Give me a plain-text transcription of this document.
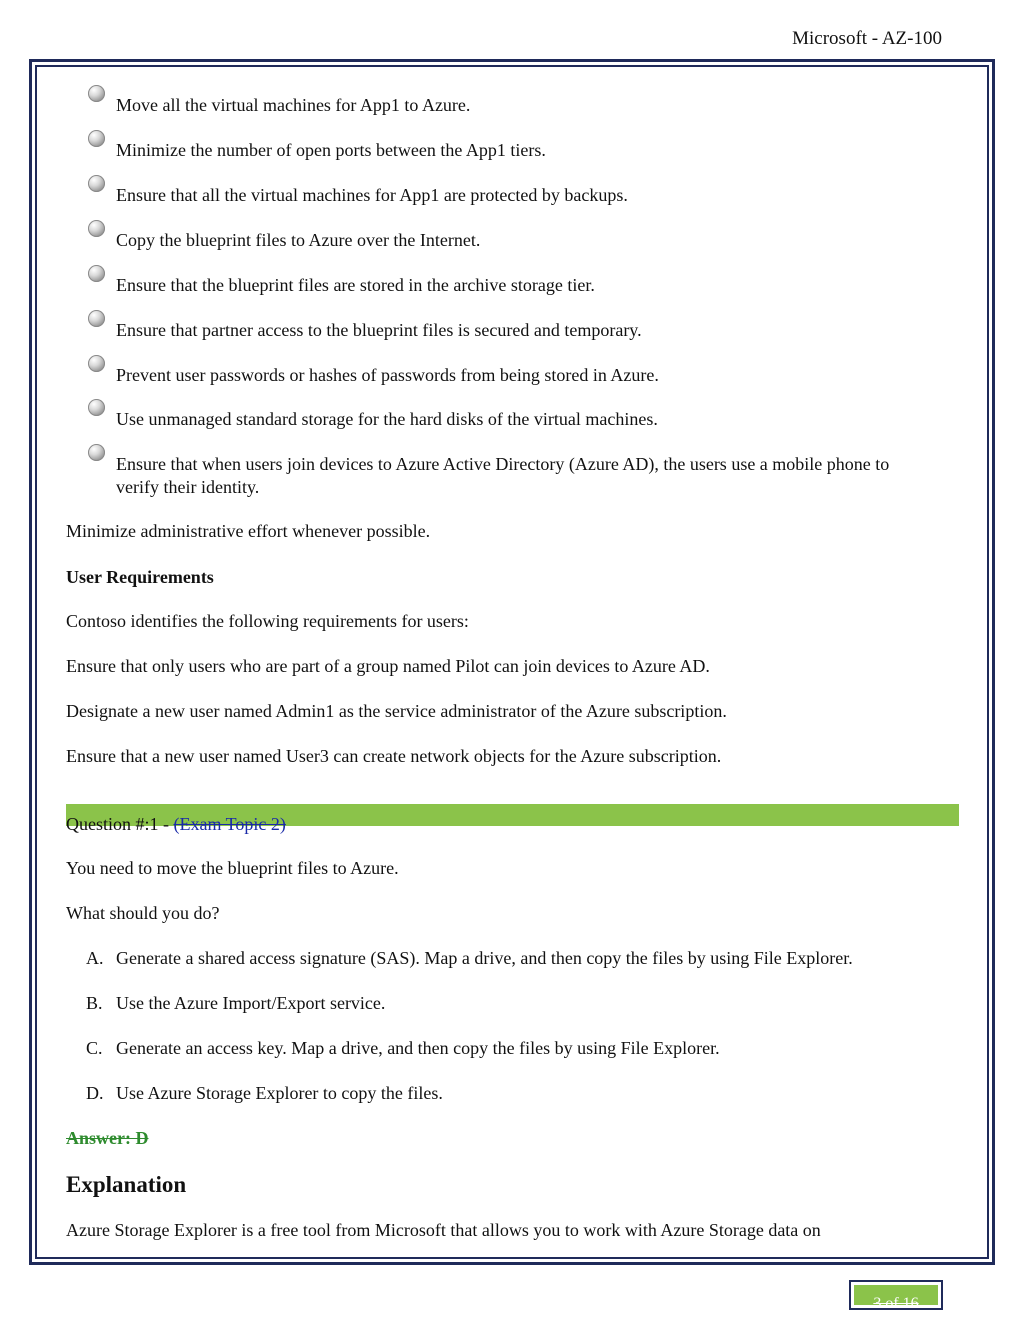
Microsoft - AZ-100
Move all the virtual machines for App1 to Azure.
Minimize the number of open ports between the App1 tiers.
Ensure that all the virtual machines for App1 are protected by backups.
Copy the blueprint files to Azure over the Internet.
Ensure that the blueprint files are stored in the archive storage tier.
Ensure that partner access to the blueprint files is secured and temporary.
Prevent user passwords or hashes of passwords from being stored in Azure.
Use unmanaged standard storage for the hard disks of the virtual machines.
Ensure that when users join devices to Azure Active Directory (Azure AD), the users use a mobile phone to verify their identity.
Minimize administrative effort whenever possible.
User Requirements
Contoso identifies the following requirements for users:
Ensure that only users who are part of a group named Pilot can join devices to Azure AD.
Designate a new user named Admin1 as the service administrator of the Azure subscription.
Ensure that a new user named User3 can create network objects for the Azure subscription.
Question #:1 - (Exam Topic 2)
You need to move the blueprint files to Azure.
What should you do?
A. Generate a shared access signature (SAS). Map a drive, and then copy the files by using File Explorer.
B. Use the Azure Import/Export service.
C. Generate an access key. Map a drive, and then copy the files by using File Explorer.
D. Use Azure Storage Explorer to copy the files.
Answer: D
Explanation
Azure Storage Explorer is a free tool from Microsoft that allows you to work with Azure Storage data on
3 of 16
